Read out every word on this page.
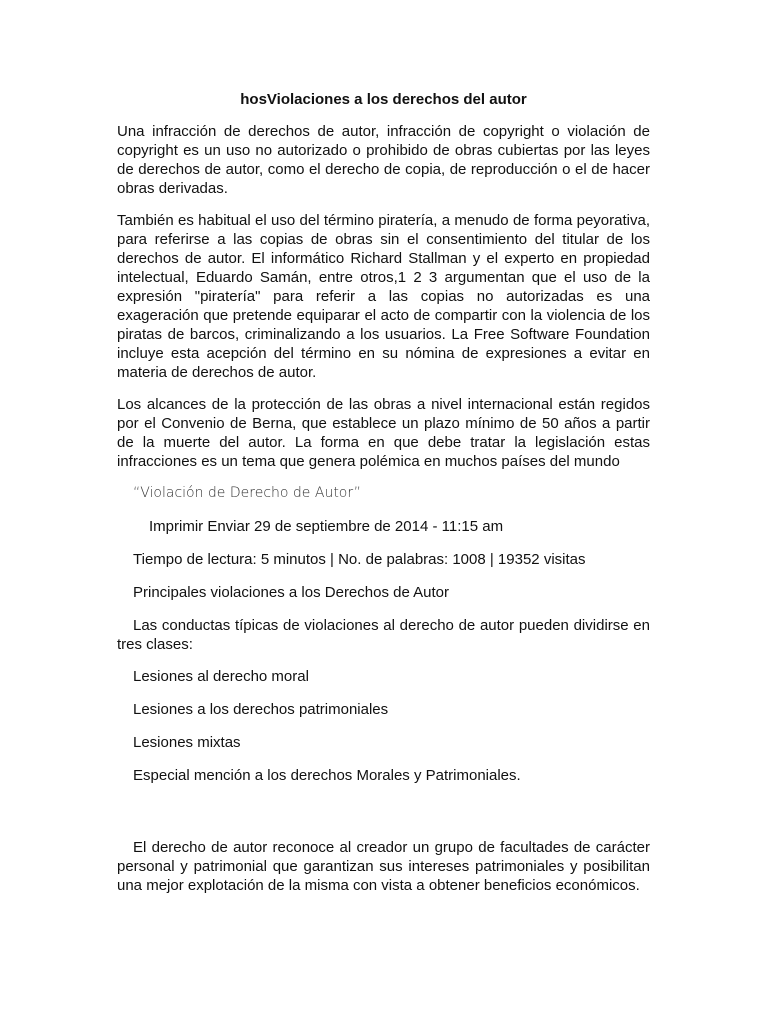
hosViolaciones a los derechos del autor

Una infracción de derechos de autor, infracción de copyright o violación de copyright es un uso no autorizado o prohibido de obras cubiertas por las leyes de derechos de autor, como el derecho de copia, de reproducción o el de hacer obras derivadas.

También es habitual el uso del término piratería, a menudo de forma peyorativa, para referirse a las copias de obras sin el consentimiento del titular de los derechos de autor. El informático Richard Stallman y el experto en propiedad intelectual, Eduardo Samán, entre otros,1 2 3 argumentan que el uso de la expresión "piratería" para referir a las copias no autorizadas es una exageración que pretende equiparar el acto de compartir con la violencia de los piratas de barcos, criminalizando a los usuarios. La Free Software Foundation incluye esta acepción del término en su nómina de expresiones a evitar en materia de derechos de autor.

Los alcances de la protección de las obras a nivel internacional están regidos por el Convenio de Berna, que establece un plazo mínimo de 50 años a partir de la muerte del autor. La forma en que debe tratar la legislación estas infracciones es un tema que genera polémica en muchos países del mundo

“Violación de Derecho de Autor”

Imprimir Enviar 29 de septiembre de 2014 - 11:15 am

Tiempo de lectura: 5 minutos | No. de palabras: 1008 | 19352 visitas

Principales violaciones a los Derechos de Autor

Las conductas típicas de violaciones al derecho de autor pueden dividirse en tres clases:

Lesiones al derecho moral

Lesiones a los derechos patrimoniales

Lesiones mixtas

Especial mención a los derechos Morales y Patrimoniales.

El derecho de autor reconoce al creador un grupo de facultades de carácter personal y patrimonial que garantizan sus intereses patrimoniales y posibilitan una mejor explotación de la misma con vista a obtener beneficios económicos.
